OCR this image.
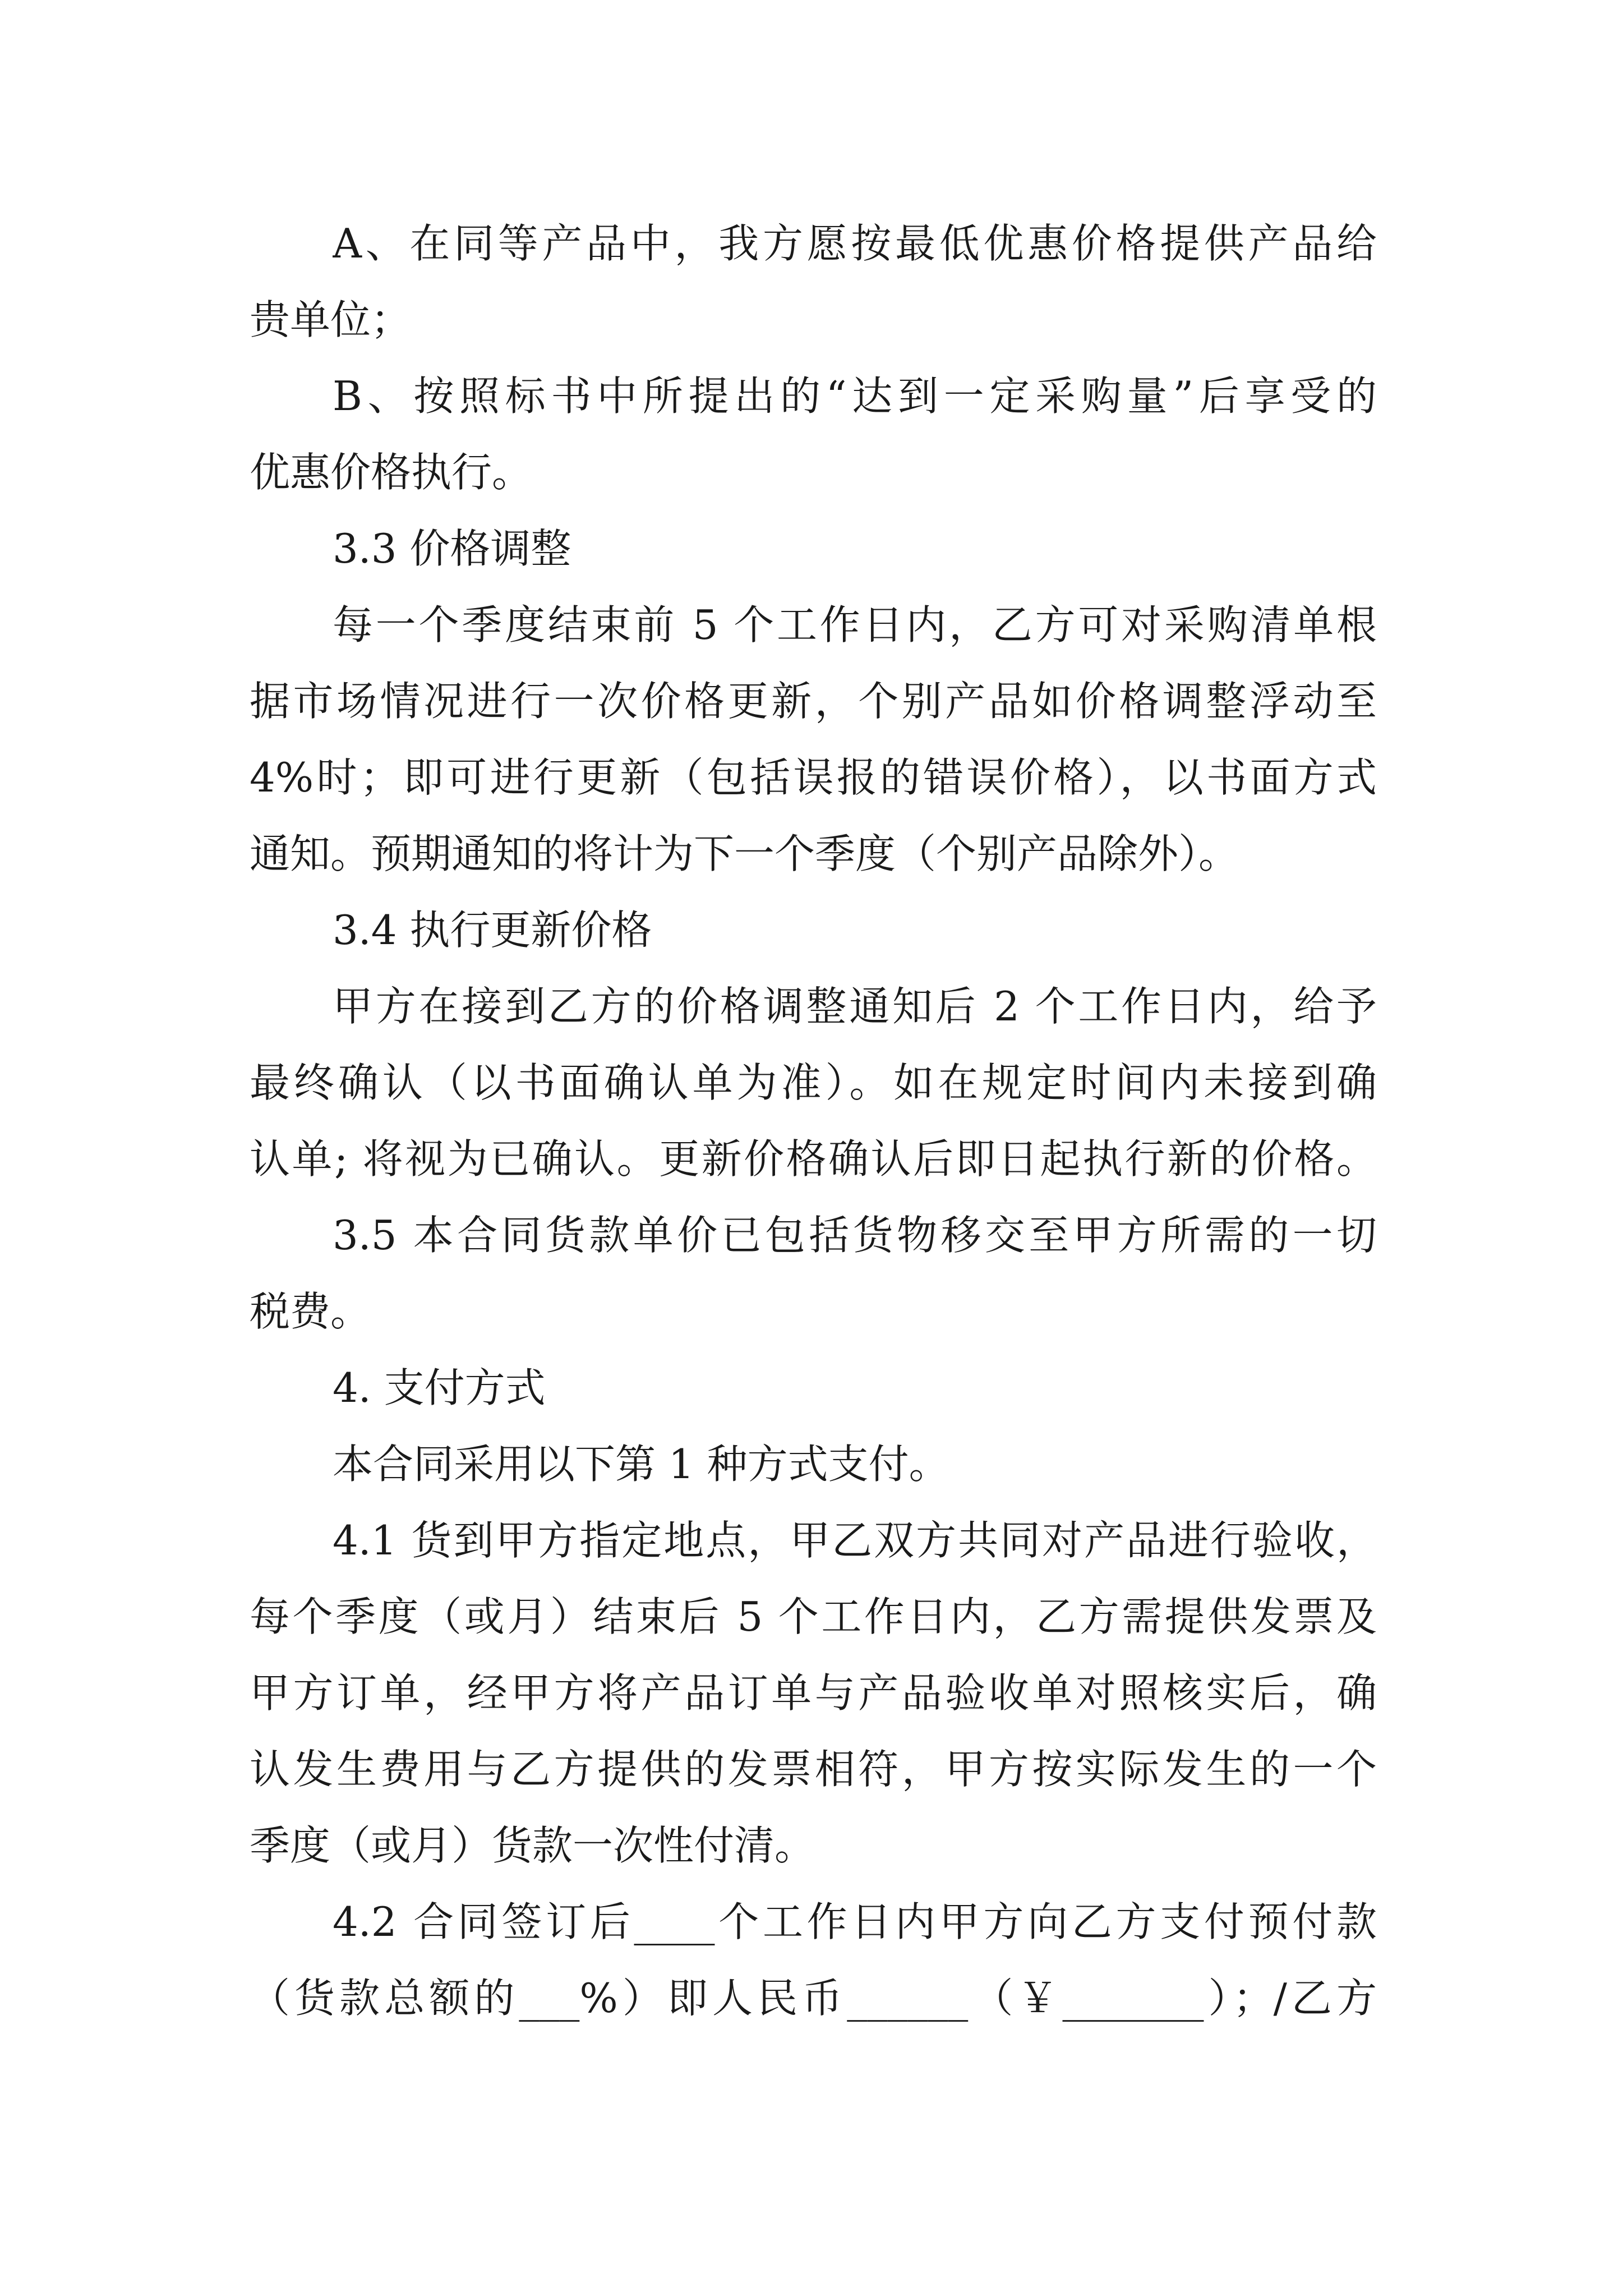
A、在同等产品中，我方愿按最低优惠价格提供产品给

贵单位；

B、按照标书中所提出的“达到一定采购量”后享受的

优惠价格执行。

3.3 价格调整

每一个季度结束前 5 个工作日内，乙方可对采购清单根

据市场情况进行一次价格更新，个别产品如价格调整浮动至

4%时；即可进行更新（包括误报的错误价格），以书面方式

通知。预期通知的将计为下一个季度（个别产品除外）。

3.4 执行更新价格

甲方在接到乙方的价格调整通知后 2 个工作日内，给予

最终确认（以书面确认单为准）。如在规定时间内未接到确

认单; 将视为已确认。更新价格确认后即日起执行新的价格。

3.5 本合同货款单价已包括货物移交至甲方所需的一切

税费。

4. 支付方式

本合同采用以下第 1 种方式支付。

4.1 货到甲方指定地点，甲乙双方共同对产品进行验收，

每个季度（或月）结束后 5 个工作日内，乙方需提供发票及

甲方订单，经甲方将产品订单与产品验收单对照核实后，确

认发生费用与乙方提供的发票相符，甲方按实际发生的一个

季度（或月）货款一次性付清。

4.2 合同签订后____个工作日内甲方向乙方支付预付款

（货款总额的___%）即人民币______（￥_______）；/乙方
